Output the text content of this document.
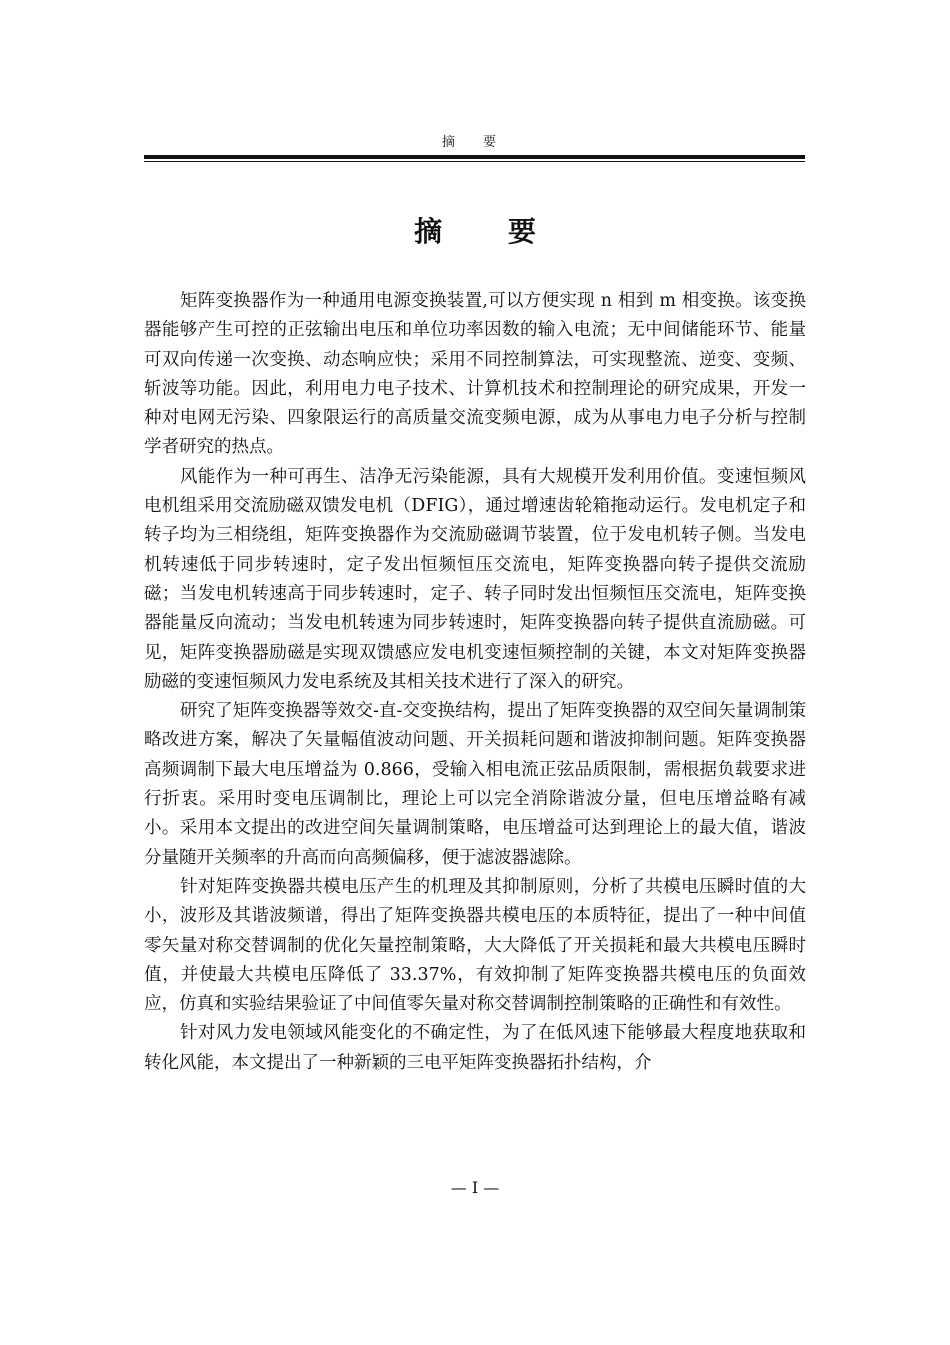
摘 要
摘 要

矩阵变换器作为一种通用电源变换装置,可以方便实现 n 相到 m 相变换。该变换器能够产生可控的正弦输出电压和单位功率因数的输入电流；无中间储能环节、能量可双向传递一次变换、动态响应快；采用不同控制算法，可实现整流、逆变、变频、斩波等功能。因此，利用电力电子技术、计算机技术和控制理论的研究成果，开发一种对电网无污染、四象限运行的高质量交流变频电源，成为从事电力电子分析与控制学者研究的热点。

风能作为一种可再生、洁净无污染能源，具有大规模开发利用价值。变速恒频风电机组采用交流励磁双馈发电机（DFIG），通过增速齿轮箱拖动运行。发电机定子和转子均为三相绕组，矩阵变换器作为交流励磁调节装置，位于发电机转子侧。当发电机转速低于同步转速时，定子发出恒频恒压交流电，矩阵变换器向转子提供交流励磁；当发电机转速高于同步转速时，定子、转子同时发出恒频恒压交流电，矩阵变换器能量反向流动；当发电机转速为同步转速时，矩阵变换器向转子提供直流励磁。可见，矩阵变换器励磁是实现双馈感应发电机变速恒频控制的关键，本文对矩阵变换器励磁的变速恒频风力发电系统及其相关技术进行了深入的研究。

研究了矩阵变换器等效交-直-交变换结构，提出了矩阵变换器的双空间矢量调制策略改进方案，解决了矢量幅值波动问题、开关损耗问题和谐波抑制问题。矩阵变换器高频调制下最大电压增益为 0.866，受输入相电流正弦品质限制，需根据负载要求进行折衷。采用时变电压调制比，理论上可以完全消除谐波分量，但电压增益略有减小。采用本文提出的改进空间矢量调制策略，电压增益可达到理论上的最大值，谐波分量随开关频率的升高而向高频偏移，便于滤波器滤除。

针对矩阵变换器共模电压产生的机理及其抑制原则，分析了共模电压瞬时值的大小，波形及其谐波频谱，得出了矩阵变换器共模电压的本质特征，提出了一种中间值零矢量对称交替调制的优化矢量控制策略，大大降低了开关损耗和最大共模电压瞬时值，并使最大共模电压降低了 33.37%，有效抑制了矩阵变换器共模电压的负面效应，仿真和实验结果验证了中间值零矢量对称交替调制控制策略的正确性和有效性。

针对风力发电领域风能变化的不确定性，为了在低风速下能够最大程度地获取和转化风能，本文提出了一种新颖的三电平矩阵变换器拓扑结构，介

— I —
